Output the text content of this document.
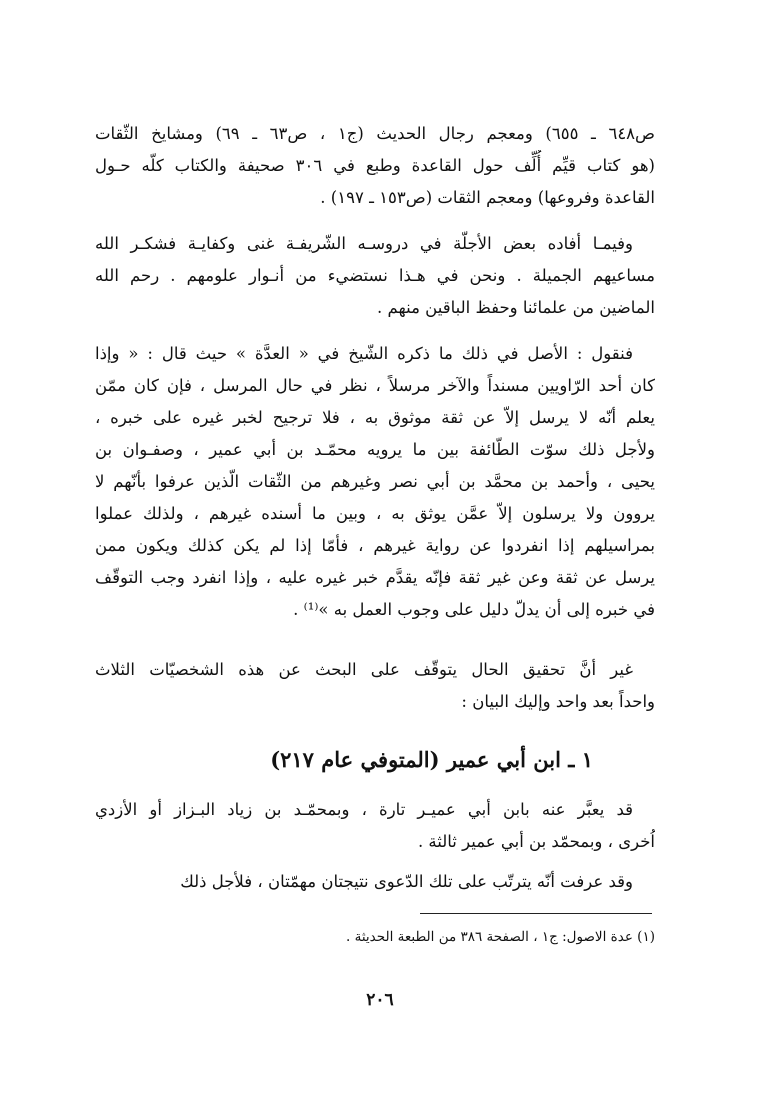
ص٦٤٨ ـ ٦٥٥) ومعجم رجال الحديث (ج١ ، ص٦٣ ـ ٦٩) ومشايخ الثّقات
(هو كتاب قيِّم أُلِّف حول القاعدة وطبع في ٣٠٦ صحيفة والكتاب كلّه حـول
القاعدة وفروعها) ومعجم الثقات (ص١٥٣ ـ ١٩٧) .
وفيمـا أفاده بعض الأجلّة في دروسـه الشّريفـة غنى وكفايـة فشكـر الله
مساعيهم الجميلة . ونحن في هـذا نستضيء من أنـوار علومهم . رحم الله
الماضين من علمائنا وحفظ الباقين منهم .
فنقول : الأصل في ذلك ما ذكره الشّيخ في « العدَّة » حيث قال : « وإذا
كان أحد الرّاويين مسنداً والآخر مرسلاً ، نظر في حال المرسل ، فإن كان ممّن
يعلم أنّه لا يرسل إلاّ عن ثقة موثوق به ، فلا ترجيح لخبر غيره على خبره ،
ولأجل ذلك سوّت الطّائفة بين ما يرويه محمّـد بن أبي عمير ، وصفـوان بن
يحيى ، وأحمد بن محمَّد بن أبي نصر وغيرهم من الثّقات الّذين عرفوا بأنّهم لا
يروون ولا يرسلون إلاّ عمَّن يوثق به ، وبين ما أسنده غيرهم ، ولذلك عملوا
بمراسيلهم إذا انفردوا عن رواية غيرهم ، فأمّا إذا لم يكن كذلك ويكون ممن
يرسل عن ثقة وعن غير ثقة فإنّه يقدَّم خبر غيره عليه ، وإذا انفرد وجب التوقّف
في خبره إلى أن يدلّ دليل على وجوب العمل به »⁽¹⁾ .
غير أنَّ تحقيق الحال يتوقّف على البحث عن هذه الشخصيّات الثلاث
واحداً بعد واحد وإليك البيان :
١ ـ ابن أبي عمير (المتوفي عام ٢١٧)
قد يعبَّر عنه بابن أبي عميـر تارة ، وبمحمّـد بن زياد البـزاز أو الأزدي
اُخرى ، وبمحمّد بن أبي عمير ثالثة .
وقد عرفت أنّه يترتّب على تلك الدّعوى نتيجتان مهمّتان ، فلأجل ذلك
(١) عدة الاصول: ج١ ، الصفحة ٣٨٦ من الطبعة الحديثة .
٢٠٦
